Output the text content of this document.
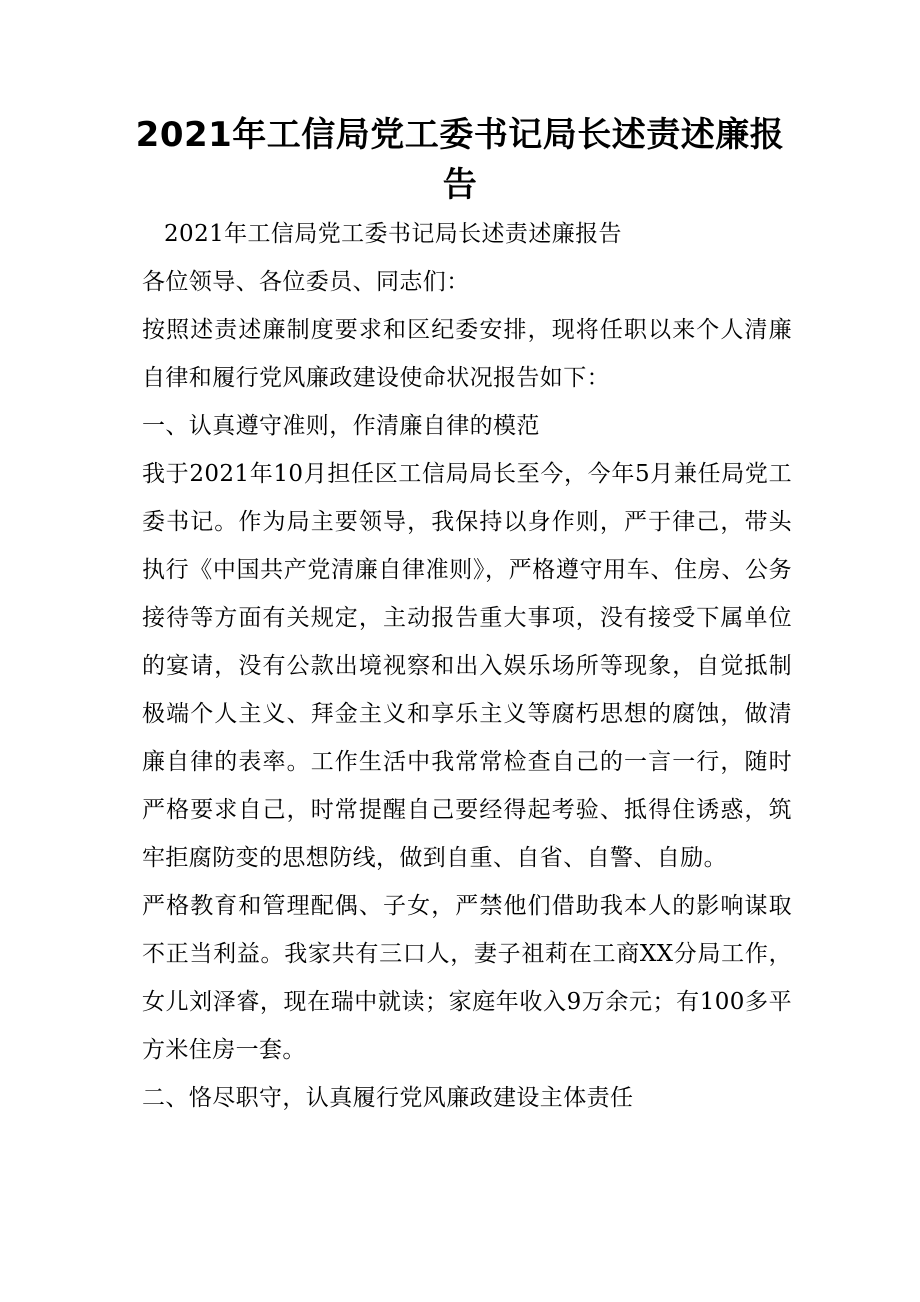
2021年工信局党工委书记局长述责述廉报告

2021年工信局党工委书记局长述责述廉报告

各位领导、各位委员、同志们：

按照述责述廉制度要求和区纪委安排，现将任职以来个人清廉自律和履行党风廉政建设使命状况报告如下：

一、认真遵守准则，作清廉自律的模范

我于2021年10月担任区工信局局长至今，今年5月兼任局党工委书记。作为局主要领导，我保持以身作则，严于律己，带头执行《中国共产党清廉自律准则》，严格遵守用车、住房、公务接待等方面有关规定，主动报告重大事项，没有接受下属单位的宴请，没有公款出境视察和出入娱乐场所等现象，自觉抵制极端个人主义、拜金主义和享乐主义等腐朽思想的腐蚀，做清廉自律的表率。工作生活中我常常检查自己的一言一行，随时严格要求自己，时常提醒自己要经得起考验、抵得住诱惑，筑牢拒腐防变的思想防线，做到自重、自省、自警、自励。

严格教育和管理配偶、子女，严禁他们借助我本人的影响谋取不正当利益。我家共有三口人，妻子祖莉在工商XX分局工作，女儿刘泽睿，现在瑞中就读；家庭年收入9万余元；有100多平方米住房一套。

二、恪尽职守，认真履行党风廉政建设主体责任
